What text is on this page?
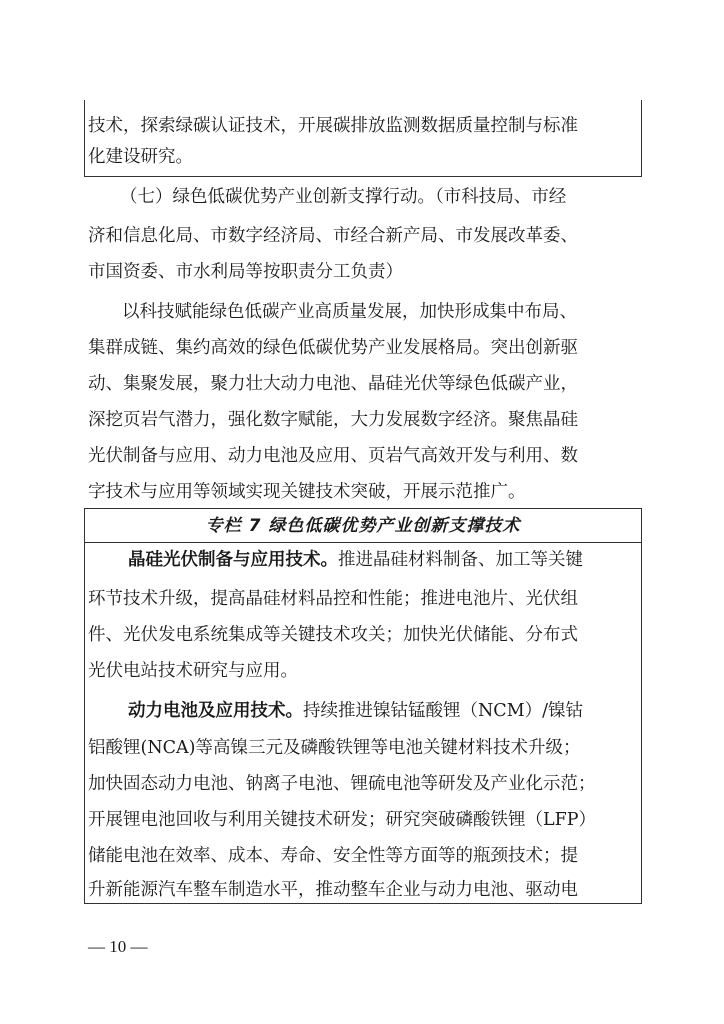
技术，探索绿碳认证技术，开展碳排放监测数据质量控制与标准
化建设研究。
（七）绿色低碳优势产业创新支撑行动。（市科技局、市经
济和信息化局、市数字经济局、市经合新产局、市发展改革委、
市国资委、市水利局等按职责分工负责）
以科技赋能绿色低碳产业高质量发展，加快形成集中布局、
集群成链、集约高效的绿色低碳优势产业发展格局。突出创新驱
动、集聚发展，聚力壮大动力电池、晶硅光伏等绿色低碳产业，
深挖页岩气潜力，强化数字赋能，大力发展数字经济。聚焦晶硅
光伏制备与应用、动力电池及应用、页岩气高效开发与利用、数
字技术与应用等领域实现关键技术突破，开展示范推广。
专栏 7 绿色低碳优势产业创新支撑技术
晶硅光伏制备与应用技术。推进晶硅材料制备、加工等关键
环节技术升级，提高晶硅材料品控和性能；推进电池片、光伏组
件、光伏发电系统集成等关键技术攻关；加快光伏储能、分布式
光伏电站技术研究与应用。
动力电池及应用技术。持续推进镍钴锰酸锂（NCM）/镍钴
铝酸锂(NCA)等高镍三元及磷酸铁锂等电池关键材料技术升级；
加快固态动力电池、钠离子电池、锂硫电池等研发及产业化示范；
开展锂电池回收与利用关键技术研发；研究突破磷酸铁锂（LFP）
储能电池在效率、成本、寿命、安全性等方面等的瓶颈技术；提
升新能源汽车整车制造水平，推动整车企业与动力电池、驱动电
— 10 —
